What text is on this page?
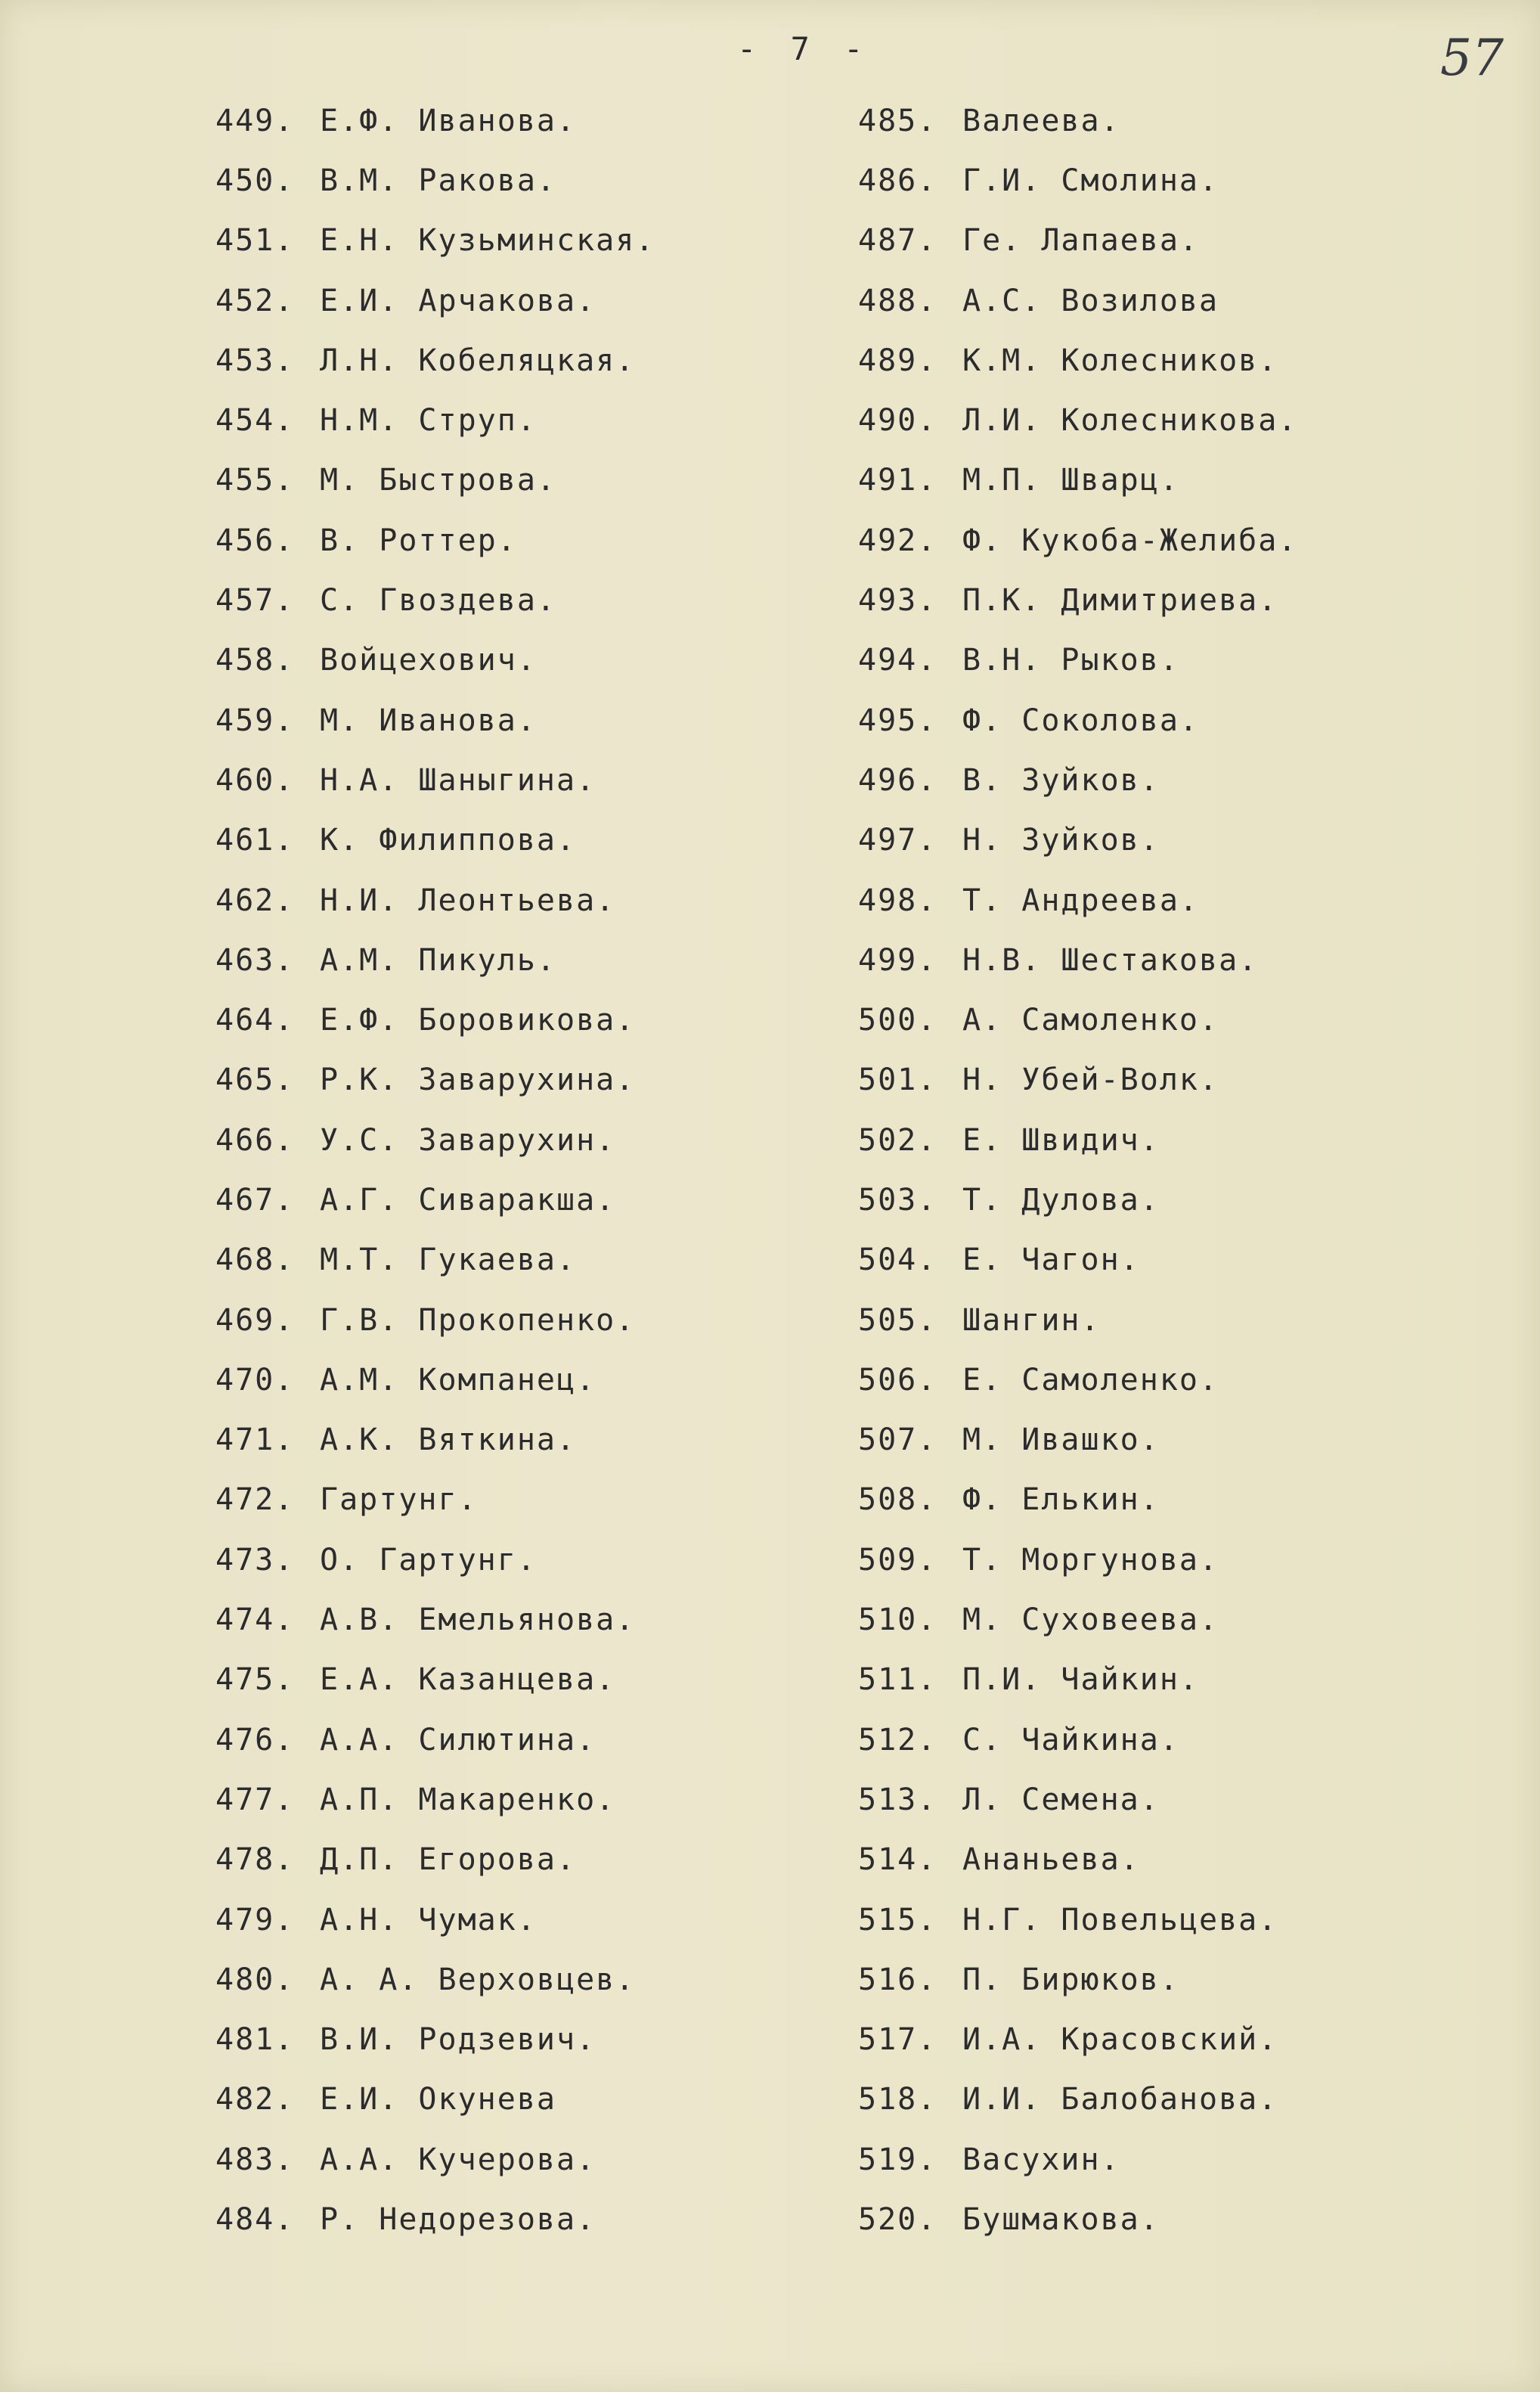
- 7 -	57
449. Е.Ф. Иванова.
450. В.М. Ракова.
451. Е.Н. Кузьминская.
452. Е.И. Арчакова.
453. Л.Н. Кобеляцкая.
454. Н.М. Струп.
455. М. Быстрова.
456. В. Роттер.
457. С. Гвоздева.
458. Войцехович.
459. М. Иванова.
460. Н.А. Шаныгина.
461. К. Филиппова.
462. Н.И. Леонтьева.
463. А.М. Пикуль.
464. Е.Ф. Боровикова.
465. Р.К. Заварухина.
466. У.С. Заварухин.
467. А.Г. Сиваракша.
468. М.Т. Гукаева.
469. Г.В. Прокопенко.
470. А.М. Компанец.
471. А.К. Вяткина.
472. Гартунг.
473. О. Гартунг.
474. А.В. Емельянова.
475. Е.А. Казанцева.
476. А.А. Силютина.
477. А.П. Макаренко.
478. Д.П. Егорова.
479. А.Н. Чумак.
480. А. А. Верховцев.
481. В.И. Родзевич.
482. Е.И. Окунева
483. А.А. Кучерова.
484. Р. Недорезова.
485. Валеева.
486. Г.И. Смолина.
487. Ге. Лапаева.
488. А.С. Возилова
489. К.М. Колесников.
490. Л.И. Колесникова.
491. М.П. Шварц.
492. Ф. Кукоба-Желиба.
493. П.К. Димитриева.
494. В.Н. Рыков.
495. Ф. Соколова.
496. В. Зуйков.
497. Н. Зуйков.
498. Т. Андреева.
499. Н.В. Шестакова.
500. А. Самоленко.
501. Н. Убей-Волк.
502. Е. Швидич.
503. Т. Дулова.
504. Е. Чагон.
505. Шангин.
506. Е. Самоленко.
507. М. Ивашко.
508. Ф. Елькин.
509. Т. Моргунова.
510. М. Суховеева.
511. П.И. Чайкин.
512. С. Чайкина.
513. Л. Семена.
514. Ананьева.
515. Н.Г. Повельцева.
516. П. Бирюков.
517. И.А. Красовский.
518. И.И. Балобанова.
519. Васухин.
520. Бушмакова.
